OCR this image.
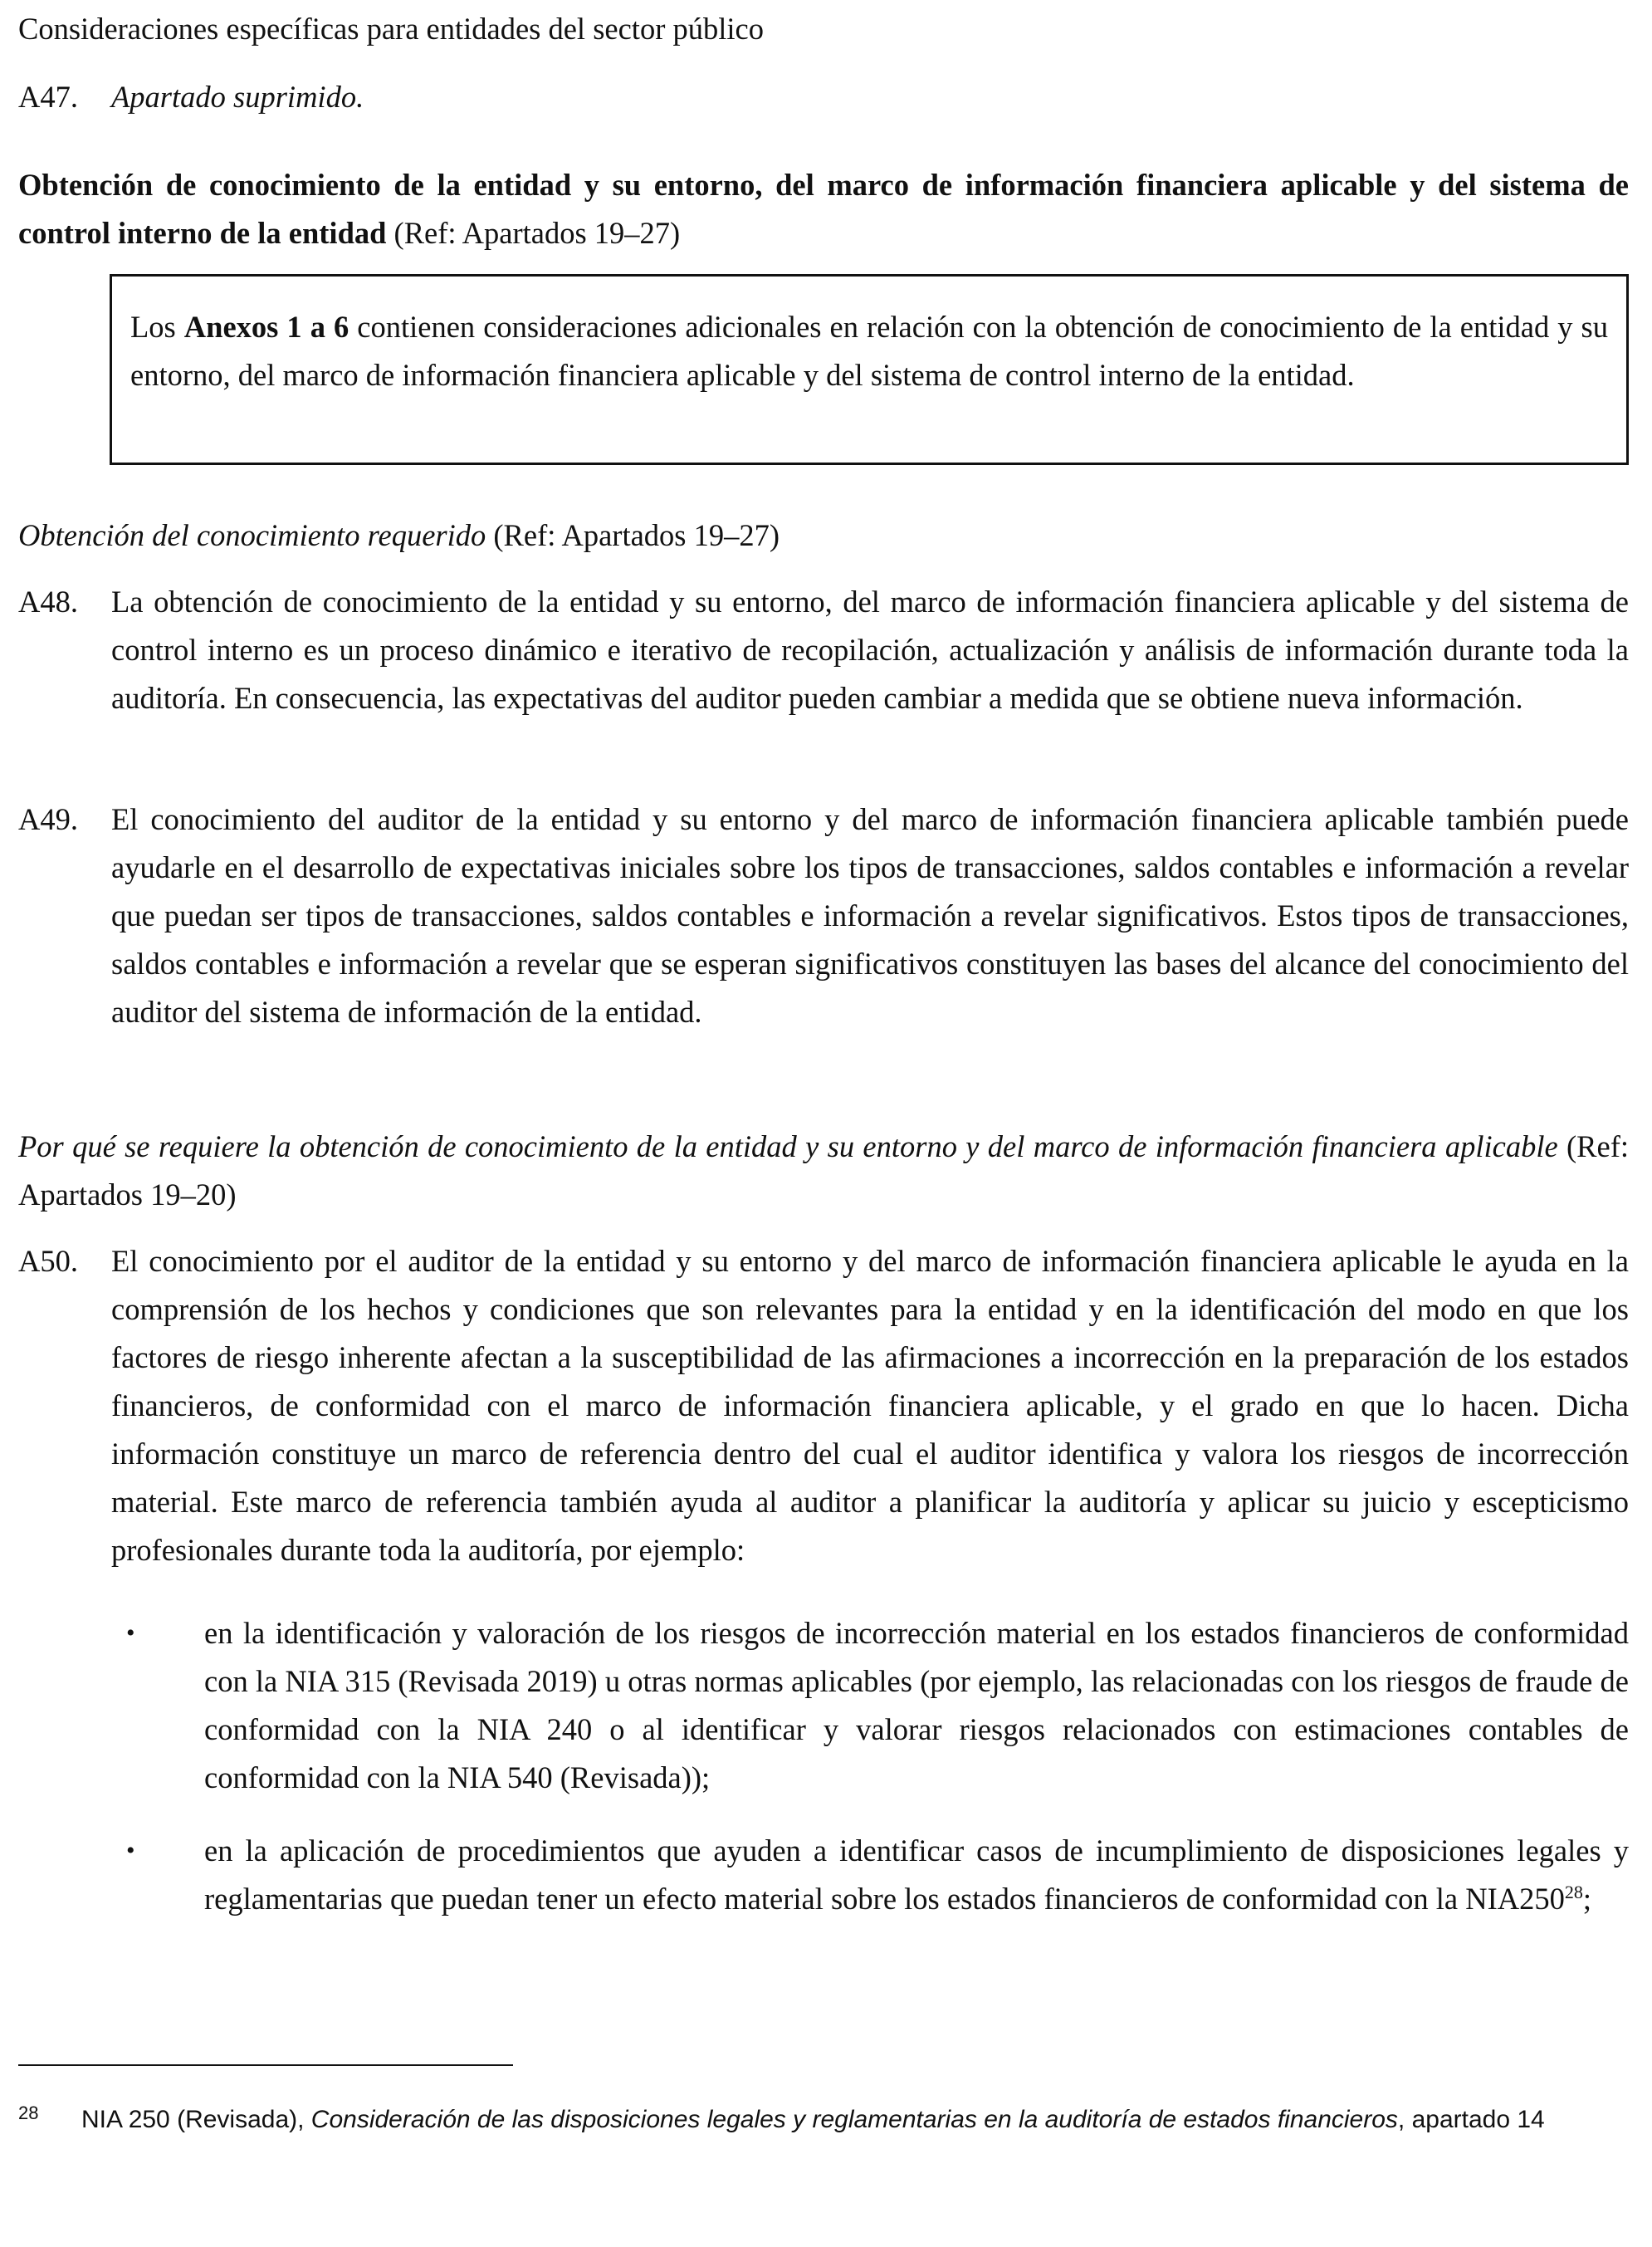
Consideraciones específicas para entidades del sector público
A47. Apartado suprimido.
Obtención de conocimiento de la entidad y su entorno, del marco de información financiera aplicable y del sistema de control interno de la entidad (Ref: Apartados 19–27)
Los Anexos 1 a 6 contienen consideraciones adicionales en relación con la obtención de conocimiento de la entidad y su entorno, del marco de información financiera aplicable y del sistema de control interno de la entidad.
Obtención del conocimiento requerido (Ref: Apartados 19–27)
A48. La obtención de conocimiento de la entidad y su entorno, del marco de información financiera aplicable y del sistema de control interno es un proceso dinámico e iterativo de recopilación, actualización y análisis de información durante toda la auditoría. En consecuencia, las expectativas del auditor pueden cambiar a medida que se obtiene nueva información.
A49. El conocimiento del auditor de la entidad y su entorno y del marco de información financiera aplicable también puede ayudarle en el desarrollo de expectativas iniciales sobre los tipos de transacciones, saldos contables e información a revelar que puedan ser tipos de transacciones, saldos contables e información a revelar significativos. Estos tipos de transacciones, saldos contables e información a revelar que se esperan significativos constituyen las bases del alcance del conocimiento del auditor del sistema de información de la entidad.
Por qué se requiere la obtención de conocimiento de la entidad y su entorno y del marco de información financiera aplicable (Ref: Apartados 19–20)
A50. El conocimiento por el auditor de la entidad y su entorno y del marco de información financiera aplicable le ayuda en la comprensión de los hechos y condiciones que son relevantes para la entidad y en la identificación del modo en que los factores de riesgo inherente afectan a la susceptibilidad de las afirmaciones a incorrección en la preparación de los estados financieros, de conformidad con el marco de información financiera aplicable, y el grado en que lo hacen. Dicha información constituye un marco de referencia dentro del cual el auditor identifica y valora los riesgos de incorrección material. Este marco de referencia también ayuda al auditor a planificar la auditoría y aplicar su juicio y escepticismo profesionales durante toda la auditoría, por ejemplo:
• en la identificación y valoración de los riesgos de incorrección material en los estados financieros de conformidad con la NIA 315 (Revisada 2019) u otras normas aplicables (por ejemplo, las relacionadas con los riesgos de fraude de conformidad con la NIA 240 o al identificar y valorar riesgos relacionados con estimaciones contables de conformidad con la NIA 540 (Revisada));
• en la aplicación de procedimientos que ayuden a identificar casos de incumplimiento de disposiciones legales y reglamentarias que puedan tener un efecto material sobre los estados financieros de conformidad con la $NIA250^{28}$;
28 NIA 250 (Revisada), Consideración de las disposiciones legales y reglamentarias en la auditoría de estados financieros, apartado 14
